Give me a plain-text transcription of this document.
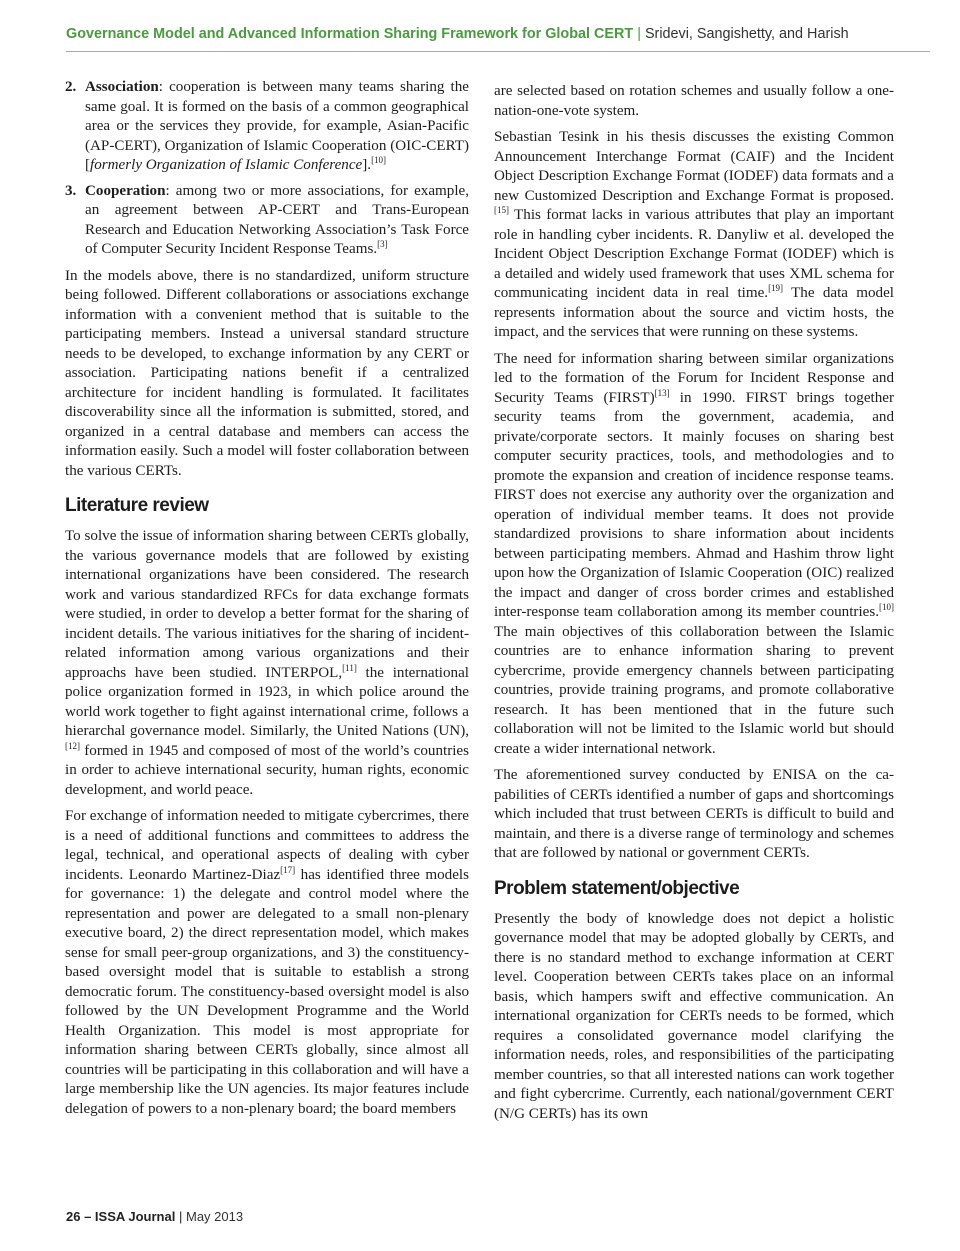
Governance Model and Advanced Information Sharing Framework for Global CERT | Sridevi, Sangishetty, and Harish
2. Association: cooperation is between many teams sharing the same goal. It is formed on the basis of a common geographical area or the services they provide, for example, Asian-Pacific (AP-CERT), Organization of Islamic Cooperation (OIC-CERT) [formerly Organization of Islamic Conference].[10]
3. Cooperation: among two or more associations, for example, an agreement between AP-CERT and Trans-European Research and Education Networking Association’s Task Force of Computer Security Incident Response Teams.[3]

In the models above, there is no standardized, uniform structure being followed. Different collaborations or associations exchange information with a convenient method that is suitable to the participating members. Instead a universal standard structure needs to be developed, to exchange information by any CERT or association. Participating nations benefit if a centralized architecture for incident handling is formulated. It facilitates discoverability since all the information is submitted, stored, and organized in a central database and members can access the information easily. Such a model will foster collaboration between the various CERTs.

Literature review

To solve the issue of information sharing between CERTs globally, the various governance models that are followed by existing international organizations have been considered. The research work and various standardized RFCs for data exchange formats were studied, in order to develop a better format for the sharing of incident details. The various initiatives for the sharing of incident-related information among various organizations and their approachs have been studied. INTERPOL,[11] the international police organization formed in 1923, in which police around the world work together to fight against international crime, follows a hierarchal governance model. Similarly, the United Nations (UN),[12] formed in 1945 and composed of most of the world’s countries in order to achieve international security, human rights, economic development, and world peace.

For exchange of information needed to mitigate cybercrimes, there is a need of additional functions and committees to address the legal, technical, and operational aspects of dealing with cyber incidents. Leonardo Martinez-Diaz[17] has identified three models for governance: 1) the delegate and control model where the representation and power are delegated to a small non-plenary executive board, 2) the direct representation model, which makes sense for small peer-group organizations, and 3) the constituency-based oversight model that is suitable to establish a strong democratic forum. The constituency-based oversight model is also followed by the UN Development Programme and the World Health Organization. This model is most appropriate for information sharing between CERTs globally, since almost all countries will be participating in this collaboration and will have a large membership like the UN agencies. Its major features include delegation of powers to a non-plenary board; the board members

are selected based on rotation schemes and usually follow a one-nation-one-vote system.

Sebastian Tesink in his thesis discusses the existing Common Announcement Interchange Format (CAIF) and the Incident Object Description Exchange Format (IODEF) data formats and a new Customized Description and Exchange Format is proposed.[15] This format lacks in various attributes that play an important role in handling cyber incidents. R. Danyliw et al. developed the Incident Object Description Exchange Format (IODEF) which is a detailed and widely used framework that uses XML schema for communicating incident data in real time.[19] The data model represents information about the source and victim hosts, the impact, and the services that were running on these systems.

The need for information sharing between similar organizations led to the formation of the Forum for Incident Response and Security Teams (FIRST)[13] in 1990. FIRST brings together security teams from the government, academia, and private/corporate sectors. It mainly focuses on sharing best computer security practices, tools, and methodologies and to promote the expansion and creation of incidence response teams. FIRST does not exercise any authority over the organization and operation of individual member teams. It does not provide standardized provisions to share information about incidents between participating members. Ahmad and Hashim throw light upon how the Organization of Islamic Cooperation (OIC) realized the impact and danger of cross border crimes and established inter-response team collaboration among its member countries.[10] The main objectives of this collaboration between the Islamic countries are to enhance information sharing to prevent cybercrime, provide emergency channels between participating countries, provide training programs, and promote collaborative research. It has been mentioned that in the future such collaboration will not be limited to the Islamic world but should create a wider international network.

The aforementioned survey conducted by ENISA on the capabilities of CERTs identified a number of gaps and shortcomings which included that trust between CERTs is difficult to build and maintain, and there is a diverse range of terminology and schemes that are followed by national or government CERTs.

Problem statement/objective

Presently the body of knowledge does not depict a holistic governance model that may be adopted globally by CERTs, and there is no standard method to exchange information at CERT level. Cooperation between CERTs takes place on an informal basis, which hampers swift and effective communication. An international organization for CERTs needs to be formed, which requires a consolidated governance model clarifying the information needs, roles, and responsibilities of the participating member countries, so that all interested nations can work together and fight cybercrime. Currently, each national/government CERT (N/G CERTs) has its own

26 – ISSA Journal | May 2013
